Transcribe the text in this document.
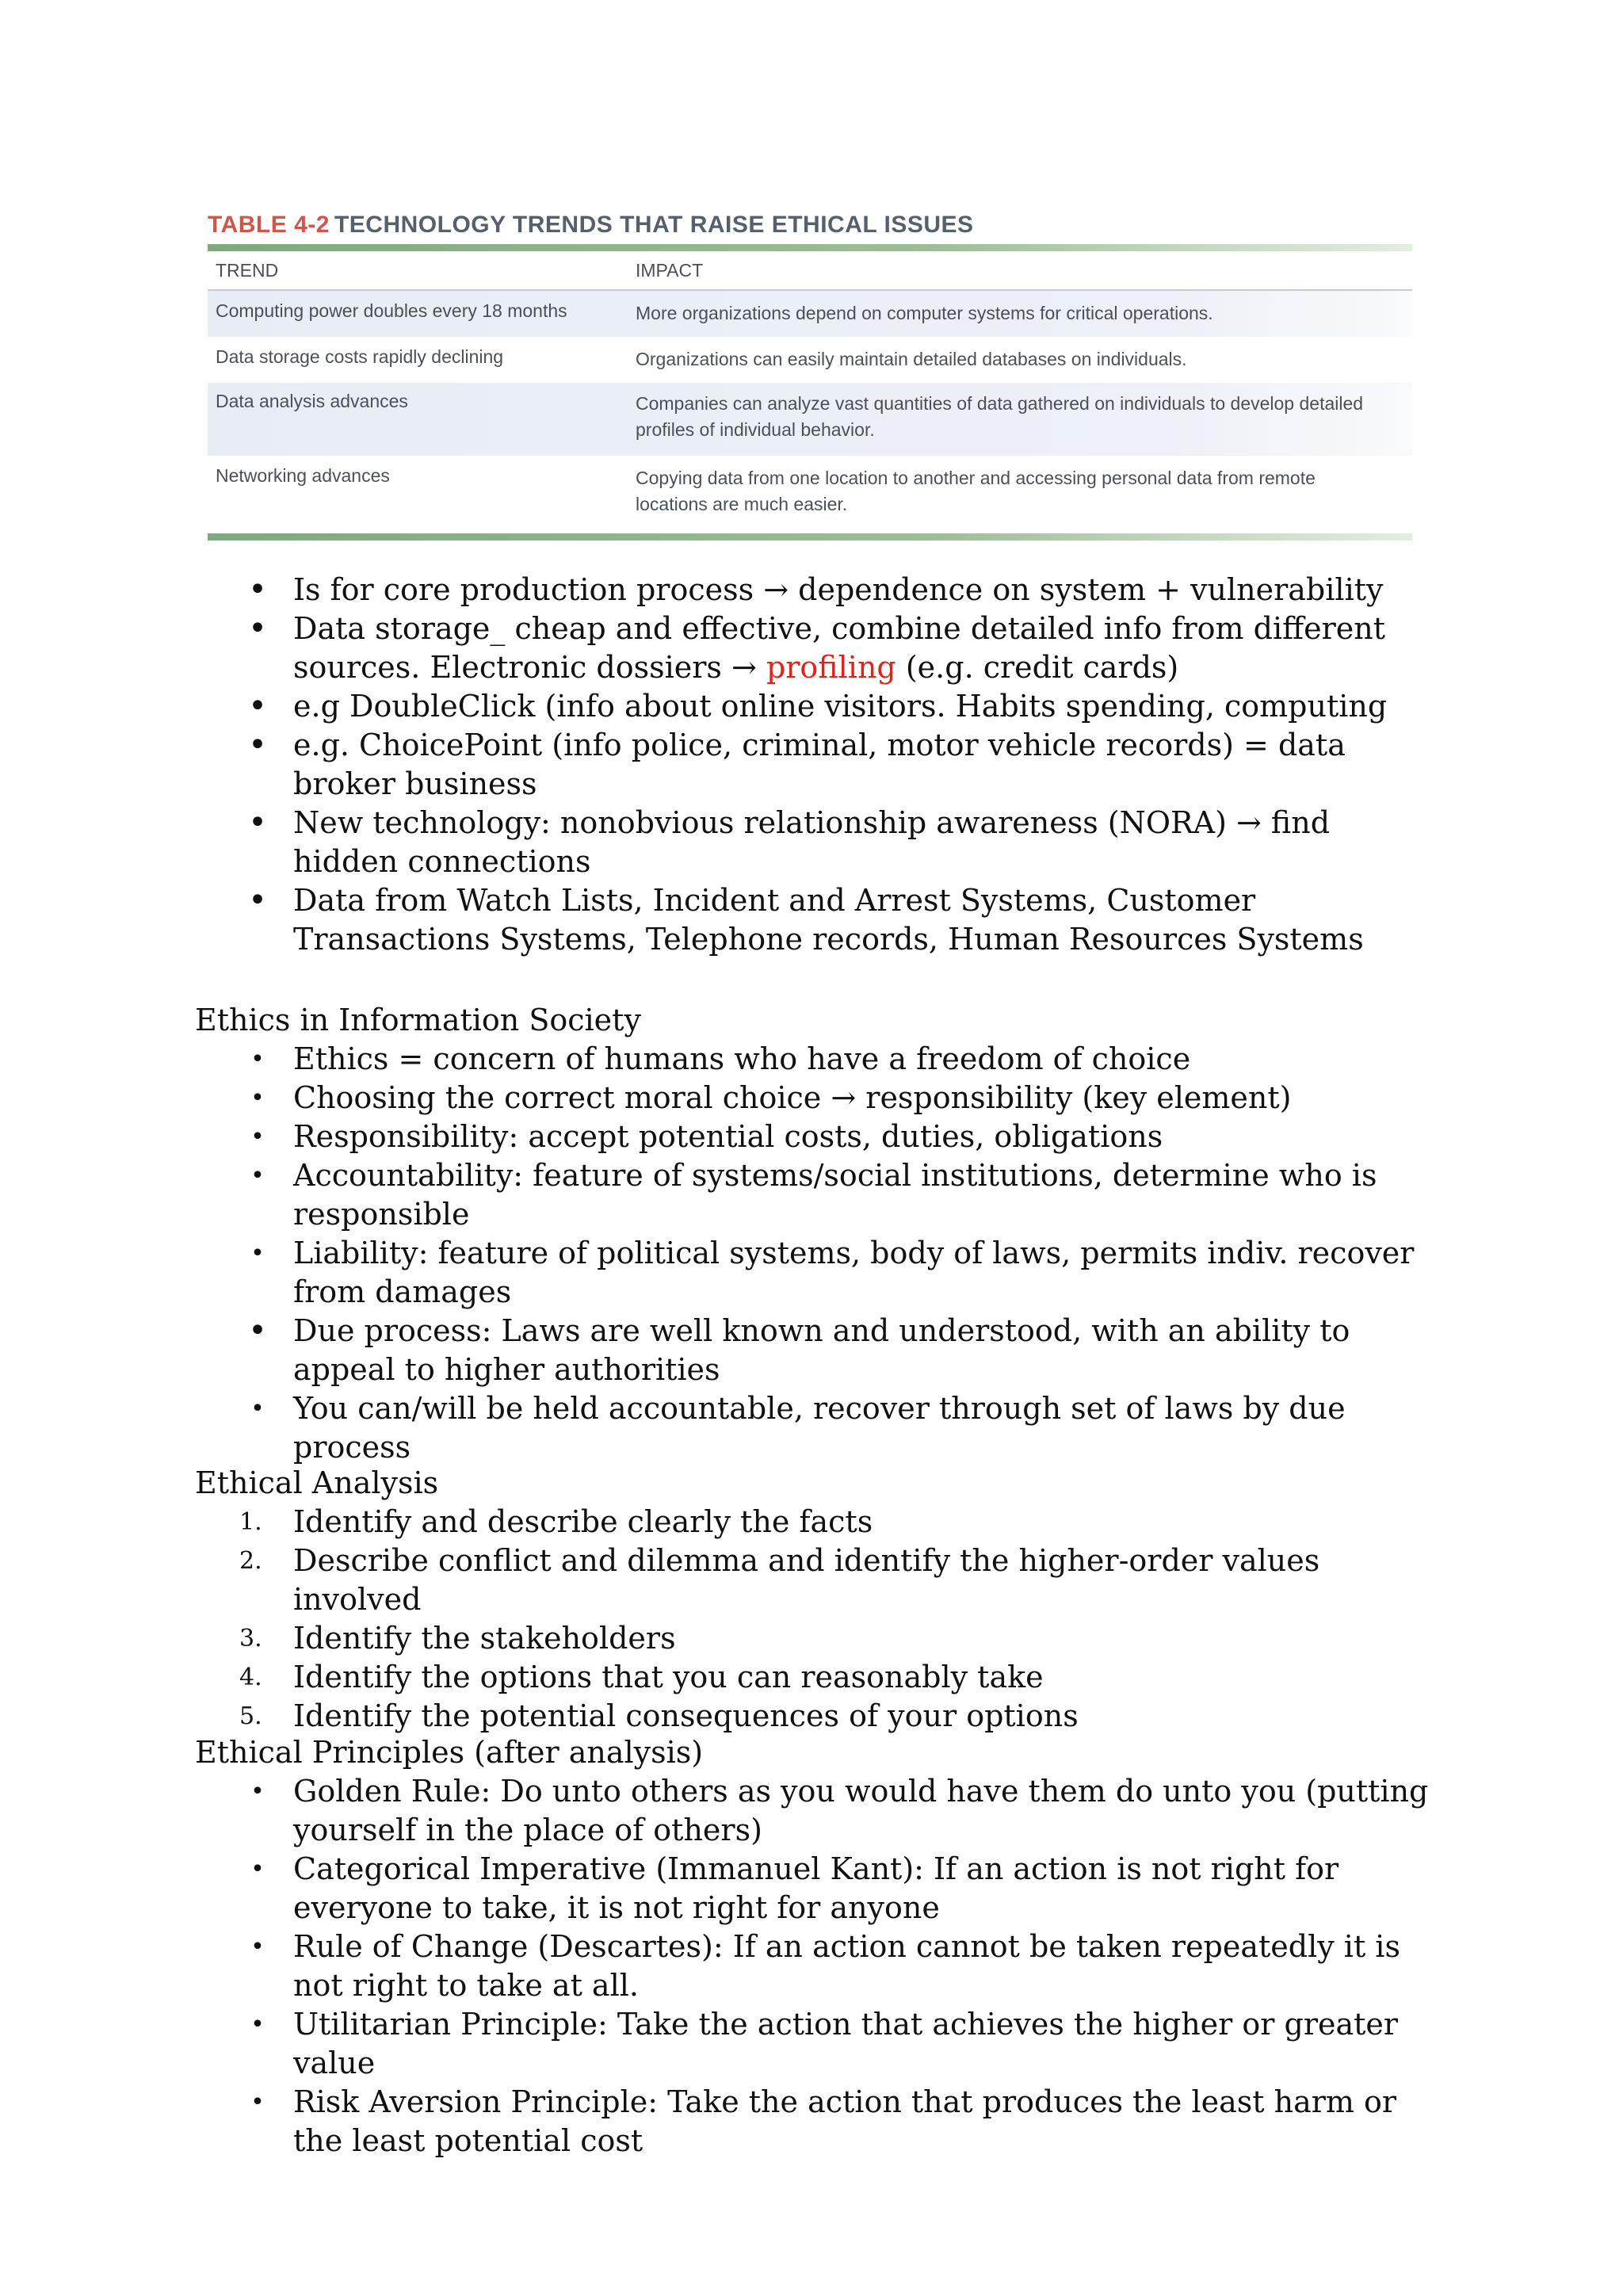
TABLE 4-2 TECHNOLOGY TRENDS THAT RAISE ETHICAL ISSUES
TREND	IMPACT
Computing power doubles every 18 months	More organizations depend on computer systems for critical operations.
Data storage costs rapidly declining	Organizations can easily maintain detailed databases on individuals.
Data analysis advances	Companies can analyze vast quantities of data gathered on individuals to develop detailed profiles of individual behavior.
Networking advances	Copying data from one location to another and accessing personal data from remote locations are much easier.
• Is for core production process → dependence on system + vulnerability
• Data storage_ cheap and effective, combine detailed info from different sources. Electronic dossiers → profiling (e.g. credit cards)
• e.g DoubleClick (info about online visitors. Habits spending, computing
• e.g. ChoicePoint (info police, criminal, motor vehicle records) = data broker business
• New technology: nonobvious relationship awareness (NORA) → find hidden connections
• Data from Watch Lists, Incident and Arrest Systems, Customer Transactions Systems, Telephone records, Human Resources Systems
Ethics in Information Society
• Ethics = concern of humans who have a freedom of choice
• Choosing the correct moral choice → responsibility (key element)
• Responsibility: accept potential costs, duties, obligations
• Accountability: feature of systems/social institutions, determine who is responsible
• Liability: feature of political systems, body of laws, permits indiv. recover from damages
• Due process: Laws are well known and understood, with an ability to appeal to higher authorities
• You can/will be held accountable, recover through set of laws by due process
Ethical Analysis
1. Identify and describe clearly the facts
2. Describe conflict and dilemma and identify the higher-order values involved
3. Identify the stakeholders
4. Identify the options that you can reasonably take
5. Identify the potential consequences of your options
Ethical Principles (after analysis)
• Golden Rule: Do unto others as you would have them do unto you (putting yourself in the place of others)
• Categorical Imperative (Immanuel Kant): If an action is not right for everyone to take, it is not right for anyone
• Rule of Change (Descartes): If an action cannot be taken repeatedly it is not right to take at all.
• Utilitarian Principle: Take the action that achieves the higher or greater value
• Risk Aversion Principle: Take the action that produces the least harm or the least potential cost
